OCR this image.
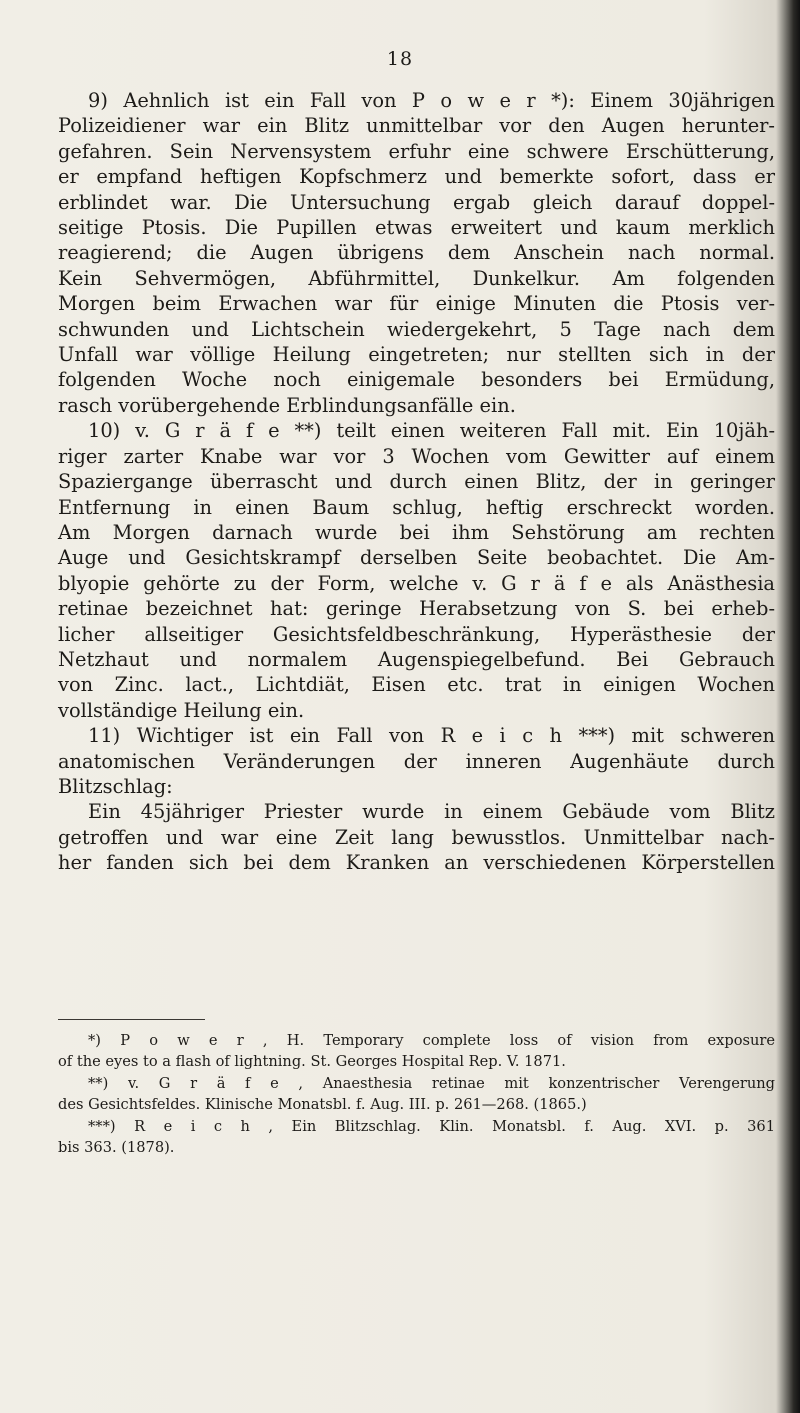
18
9) Aehnlich ist ein Fall von P o w e r *): Einem 30jährigen
Polizeidiener war ein Blitz unmittelbar vor den Augen herunter-
gefahren. Sein Nervensystem erfuhr eine schwere Erschütterung,
er empfand heftigen Kopfschmerz und bemerkte sofort, dass er
erblindet war. Die Untersuchung ergab gleich darauf doppel-
seitige Ptosis. Die Pupillen etwas erweitert und kaum merklich
reagierend; die Augen übrigens dem Anschein nach normal.
Kein Sehvermögen, Abführmittel, Dunkelkur. Am folgenden
Morgen beim Erwachen war für einige Minuten die Ptosis ver-
schwunden und Lichtschein wiedergekehrt, 5 Tage nach dem
Unfall war völlige Heilung eingetreten; nur stellten sich in der
folgenden Woche noch einigemale besonders bei Ermüdung,
rasch vorübergehende Erblindungsanfälle ein.
10) v. G r ä f e **) teilt einen weiteren Fall mit. Ein 10jäh-
riger zarter Knabe war vor 3 Wochen vom Gewitter auf einem
Spaziergange überrascht und durch einen Blitz, der in geringer
Entfernung in einen Baum schlug, heftig erschreckt worden.
Am Morgen darnach wurde bei ihm Sehstörung am rechten
Auge und Gesichtskrampf derselben Seite beobachtet. Die Am-
blyopie gehörte zu der Form, welche v. G r ä f e als Anästhesia
retinae bezeichnet hat: geringe Herabsetzung von S. bei erheb-
licher allseitiger Gesichtsfeldbeschränkung, Hyperästhesie der
Netzhaut und normalem Augenspiegelbefund. Bei Gebrauch
von Zinc. lact., Lichtdiät, Eisen etc. trat in einigen Wochen
vollständige Heilung ein.
11) Wichtiger ist ein Fall von R e i c h ***) mit schweren
anatomischen Veränderungen der inneren Augenhäute durch
Blitzschlag:
Ein 45jähriger Priester wurde in einem Gebäude vom Blitz
getroffen und war eine Zeit lang bewusstlos. Unmittelbar nach-
her fanden sich bei dem Kranken an verschiedenen Körperstellen
*) P o w e r , H. Temporary complete loss of vision from exposure
of the eyes to a flash of lightning. St. Georges Hospital Rep. V. 1871.
**) v. G r ä f e , Anaesthesia retinae mit konzentrischer Verengerung
des Gesichtsfeldes. Klinische Monatsbl. f. Aug. III. p. 261—268. (1865.)
***) R e i c h , Ein Blitzschlag. Klin. Monatsbl. f. Aug. XVI. p. 361
bis 363. (1878).
